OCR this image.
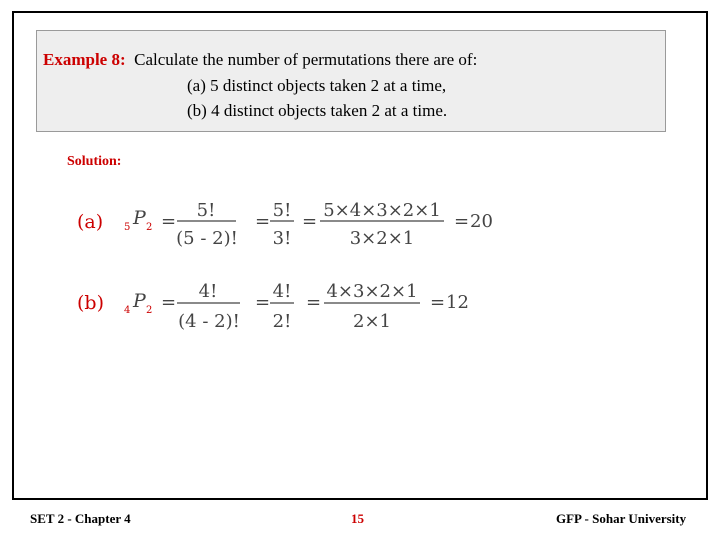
Example 8: Calculate the number of permutations there are of:
(a) 5 distinct objects taken 2 at a time,
(b) 4 distinct objects taken 2 at a time.
Solution:
(a) 5 P 2 =
5!
(5 - 2)!
=
5!
3!
=
5×4×3×2×1
3×2×1
= 20
(b) 4 P 2 =
4!
(4 - 2)!
=
4!
2!
=
4×3×2×1
2×1
= 12
SET 2 - Chapter 4	15	GFP - Sohar University
